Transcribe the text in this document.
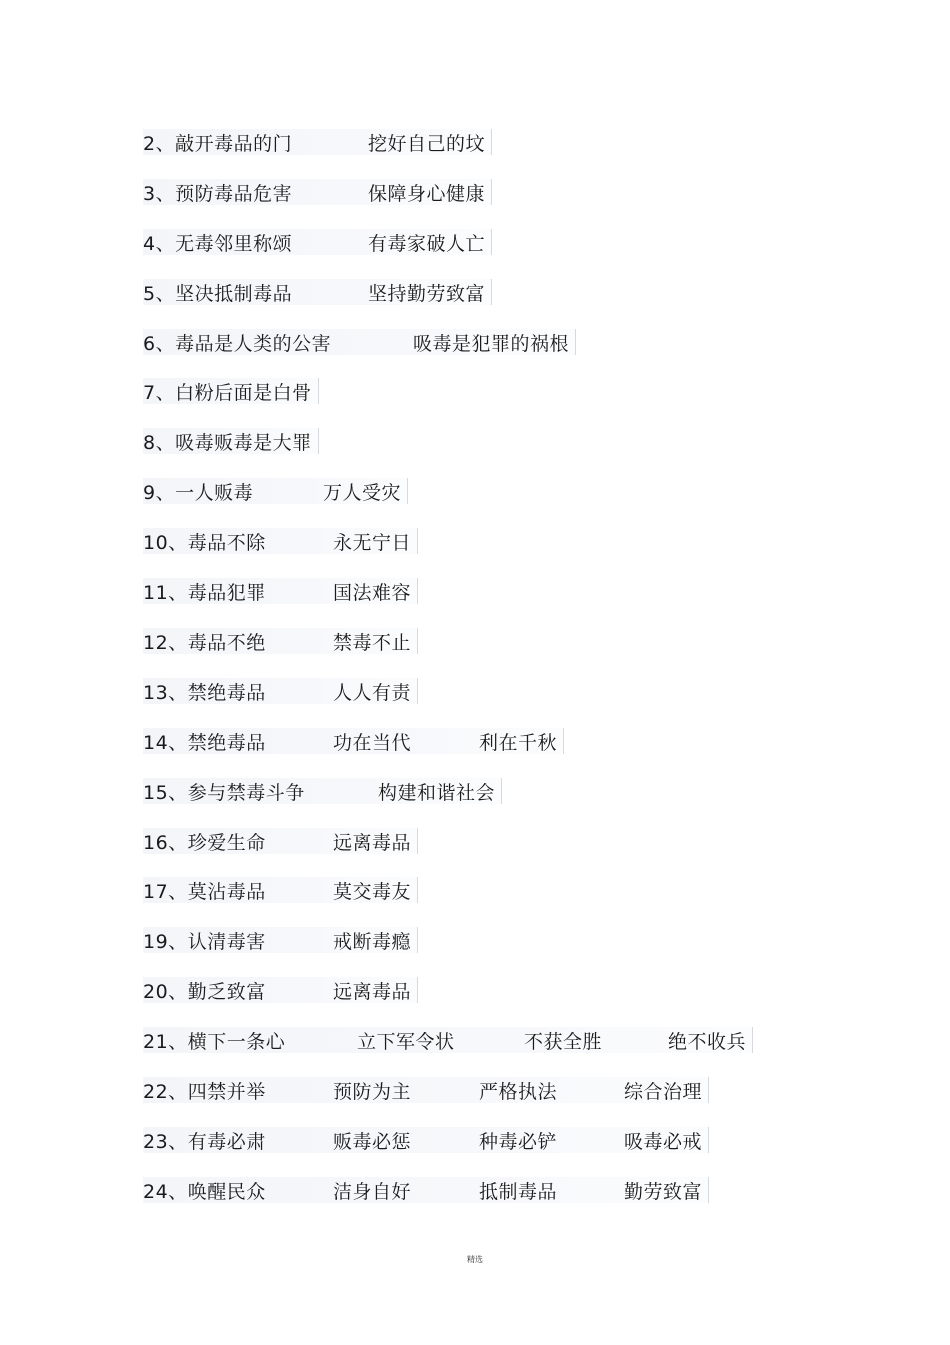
2、 敲开毒品的门	挖好自己的坟
3、 预防毒品危害	保障身心健康
4、 无毒邻里称颂	有毒家破人亡
5、 坚决抵制毒品	坚持勤劳致富
6、 毒品是人类的公害	吸毒是犯罪的祸根
7、 白粉后面是白骨
8、 吸毒贩毒是大罪
9、 一人贩毒	万人受灾
10、 毒品不除	永无宁日
11、 毒品犯罪	国法难容
12、 毒品不绝	禁毒不止
13、 禁绝毒品	人人有责
14、 禁绝毒品	功在当代	利在千秋
15、 参与禁毒斗争	构建和谐社会
16、 珍爱生命	远离毒品
17、 莫沾毒品	莫交毒友
19、 认清毒害	戒断毒瘾
20、 勤乏致富	远离毒品
21、 横下一条心	立下军令状	不获全胜	绝不收兵
22、 四禁并举	预防为主	严格执法	综合治理
23、 有毒必肃	贩毒必惩	种毒必铲	吸毒必戒
24、 唤醒民众	洁身自好	抵制毒品	勤劳致富
精选
